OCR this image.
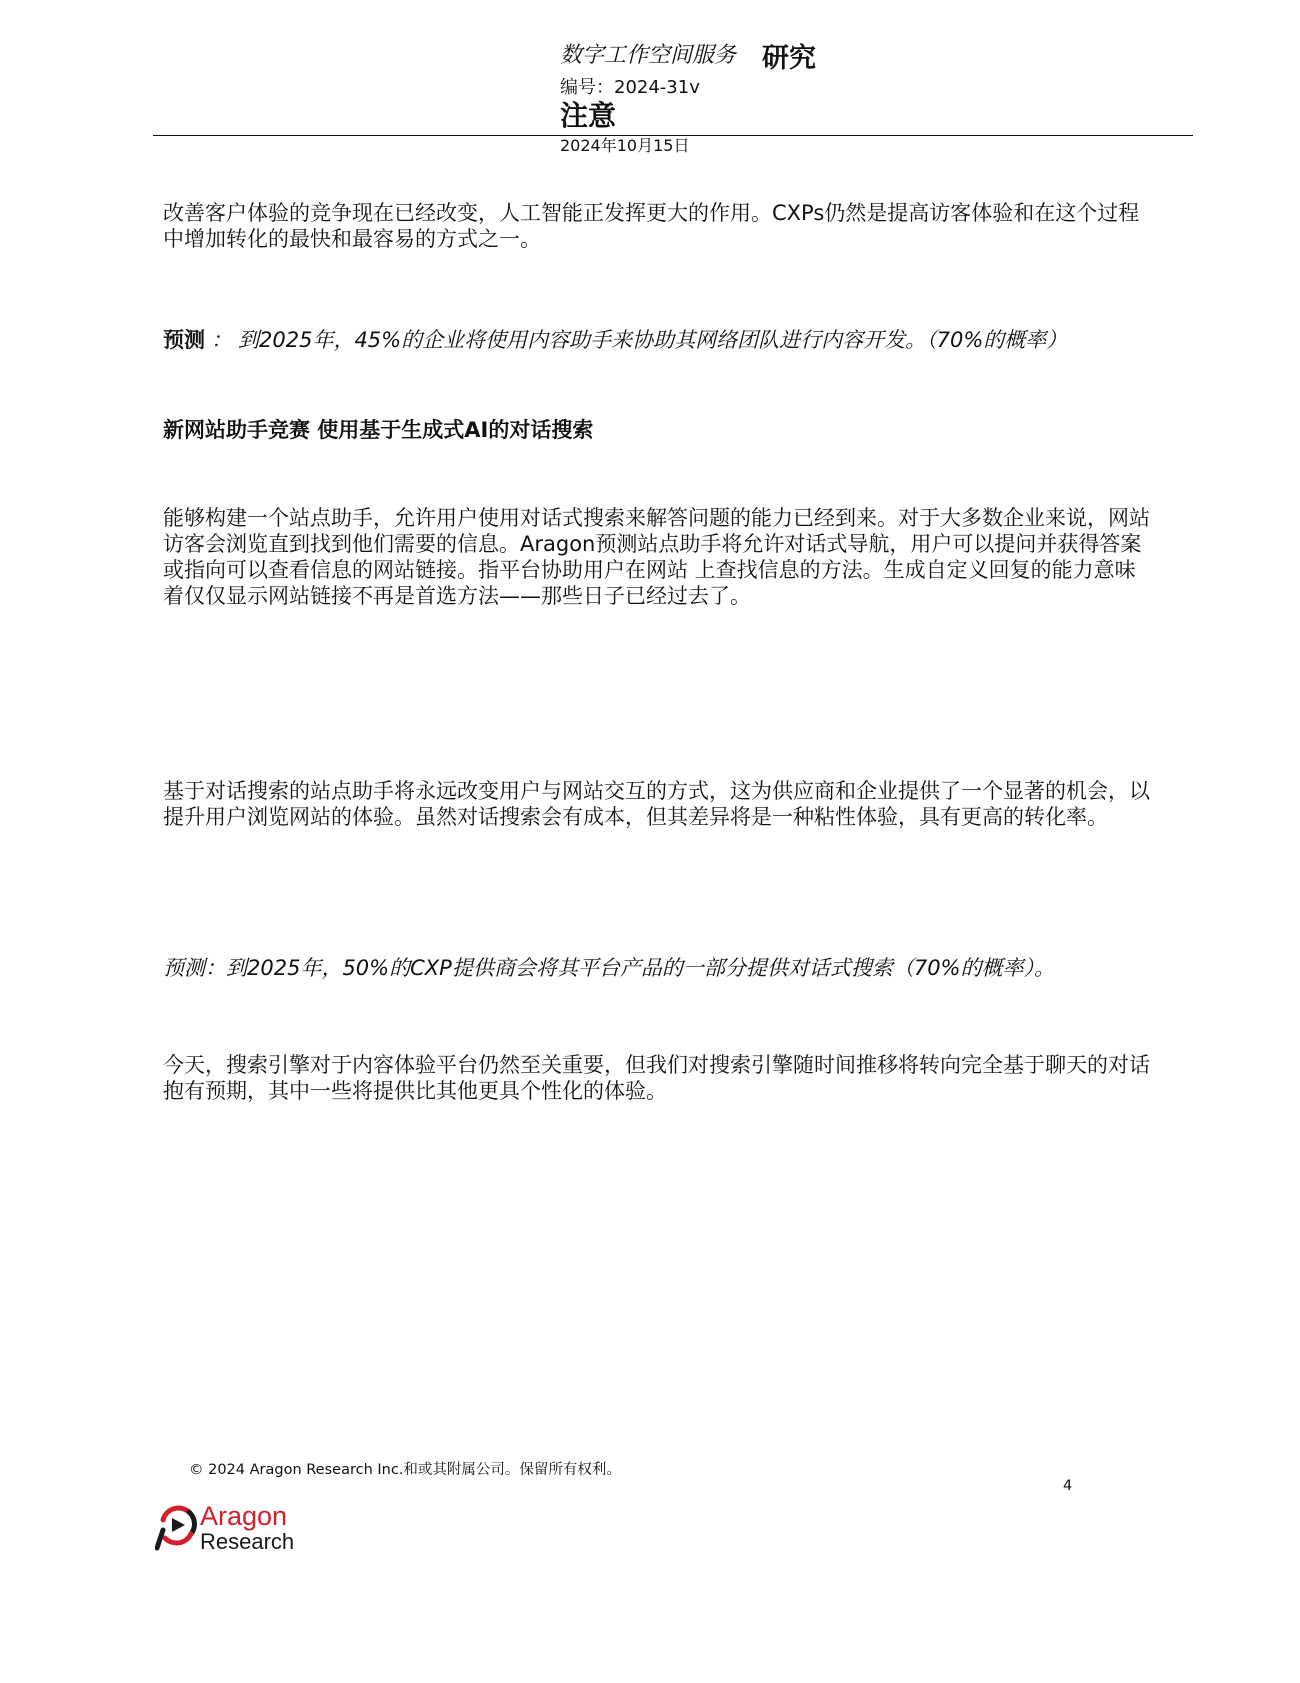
数字工作空间服务 研究
编号：2024-31v
注意
2024年10月15日
改善客户体验的竞争现在已经改变，人工智能正发挥更大的作用。CXPs仍然是提高访客体验和在这个过程中增加转化的最快和最容易的方式之一。
预测 ： 到2025年，45%的企业将使用内容助手来协助其网络团队进行内容开发。（70%的概率）
新网站助手竞赛 使用基于生成式AI的对话搜索
能够构建一个站点助手，允许用户使用对话式搜索来解答问题的能力已经到来。对于大多数企业来说，网站访客会浏览直到找到他们需要的信息。Aragon预测站点助手将允许对话式导航，用户可以提问并获得答案或指向可以查看信息的网站链接。指平台协助用户在网站 上查找信息的方法。生成自定义回复的能力意味着仅仅显示网站链接不再是首选方法——那些日子已经过去了。
基于对话搜索的站点助手将永远改变用户与网站交互的方式，这为供应商和企业提供了一个显著的机会，以提升用户浏览网站的体验。虽然对话搜索会有成本，但其差异将是一种粘性体验，具有更高的转化率。
预测：到2025年，50%的CXP提供商会将其平台产品的一部分提供对话式搜索（70%的概率）。
今天，搜索引擎对于内容体验平台仍然至关重要，但我们对搜索引擎随时间推移将转向完全基于聊天的对话抱有预期，其中一些将提供比其他更具个性化的体验。
© 2024 Aragon Research Inc.和或其附属公司。保留所有权利。
4
Aragon
Research
